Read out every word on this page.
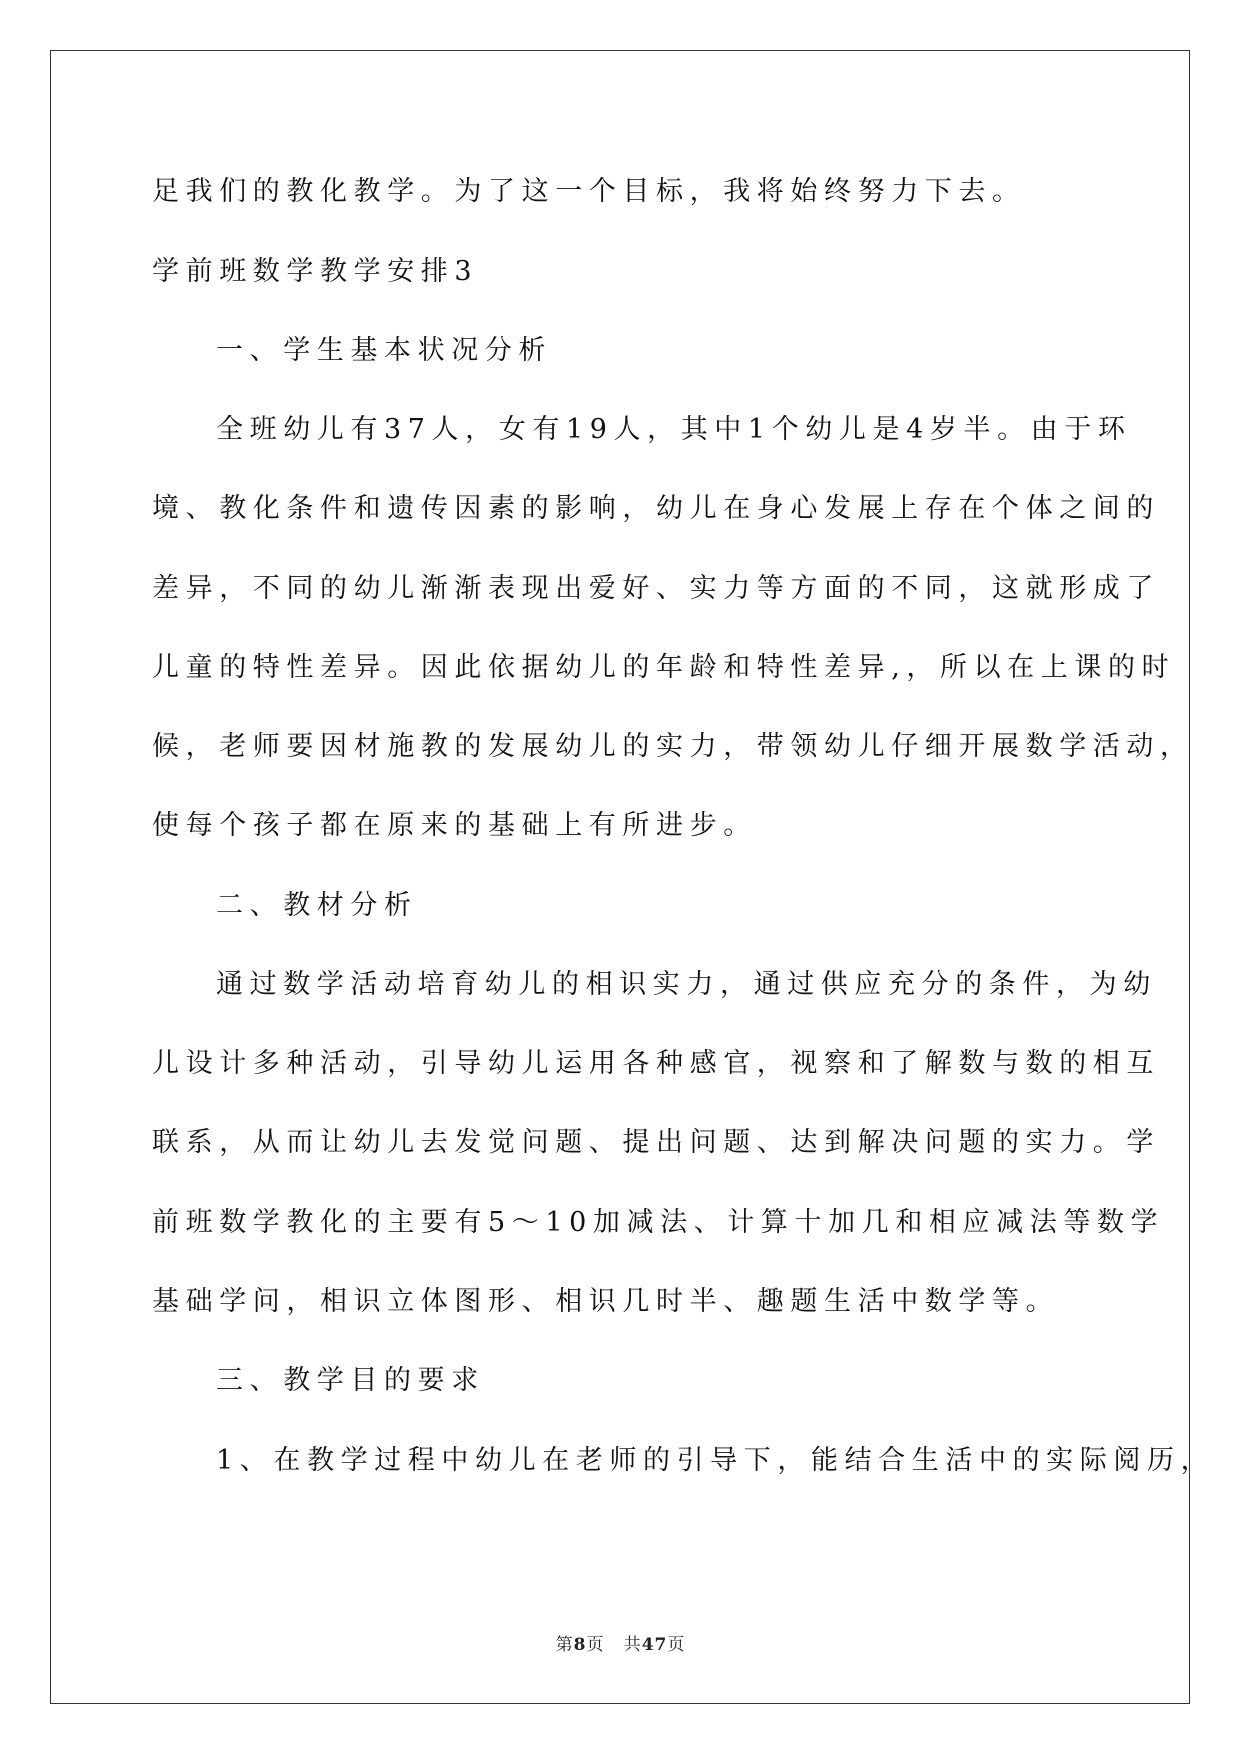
足我们的教化教学。为了这一个目标，我将始终努力下去。
学前班数学教学安排3
一、学生基本状况分析
全班幼儿有37人，女有19人，其中1个幼儿是4岁半。由于环
境、教化条件和遗传因素的影响，幼儿在身心发展上存在个体之间的
差异，不同的幼儿渐渐表现出爱好、实力等方面的不同，这就形成了
儿童的特性差异。因此依据幼儿的年龄和特性差异,，所以在上课的时
候，老师要因材施教的发展幼儿的实力，带领幼儿仔细开展数学活动，
使每个孩子都在原来的基础上有所进步。
二、教材分析
通过数学活动培育幼儿的相识实力，通过供应充分的条件，为幼
儿设计多种活动，引导幼儿运用各种感官，视察和了解数与数的相互
联系，从而让幼儿去发觉问题、提出问题、达到解决问题的实力。学
前班数学教化的主要有5～10加减法、计算十加几和相应减法等数学
基础学问，相识立体图形、相识几时半、趣题生活中数学等。
三、教学目的要求
1、在教学过程中幼儿在老师的引导下，能结合生活中的实际阅历，
第8页 共47页
